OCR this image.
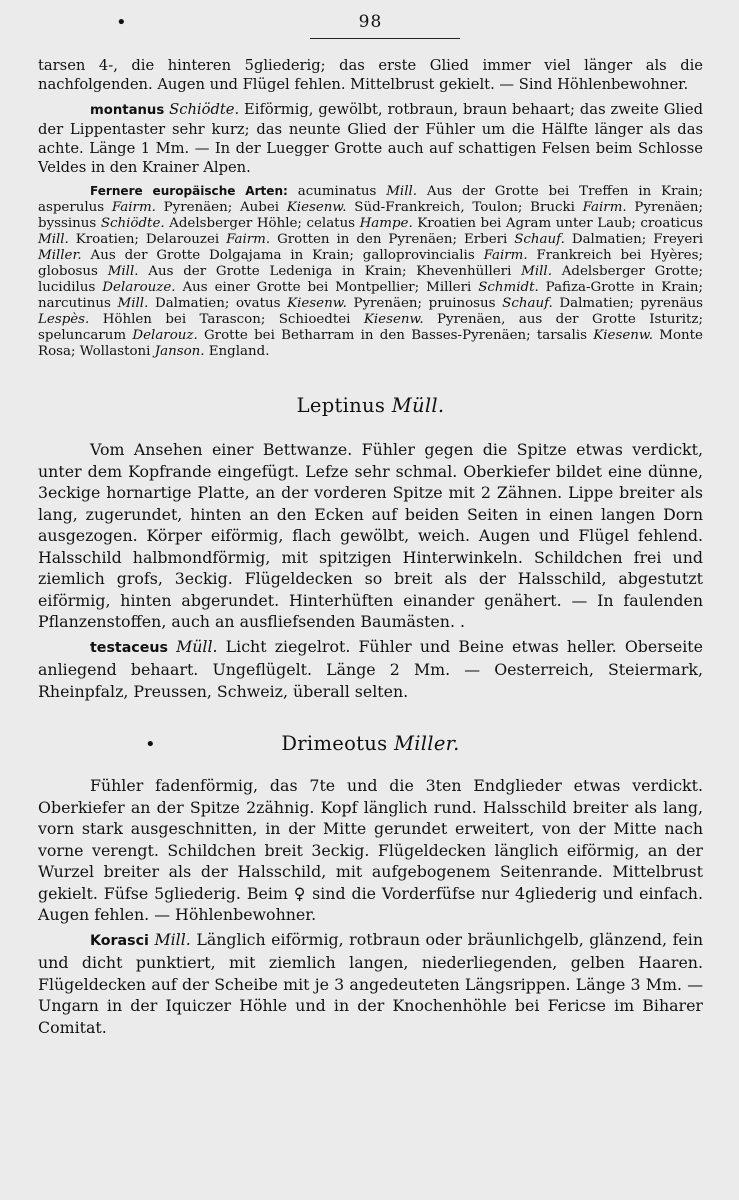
•	98

tarsen 4-, die hinteren 5gliederig; das erste Glied immer viel länger als die nachfolgenden. Augen und Flügel fehlen. Mittelbrust gekielt. — Sind Höhlenbewohner.

montanus Schiödte. Eiförmig, gewölbt, rotbraun, braun behaart; das zweite Glied der Lippentaster sehr kurz; das neunte Glied der Fühler um die Hälfte länger als das achte. Länge 1 Mm. — In der Luegger Grotte auch auf schattigen Felsen beim Schlosse Veldes in den Krainer Alpen.

Fernere europäische Arten: acuminatus Mill. Aus der Grotte bei Treffen in Krain; asperulus Fairm. Pyrenäen; Aubei Kiesenw. Süd-Frankreich, Toulon; Brucki Fairm. Pyrenäen; byssinus Schiödte. Adelsberger Höhle; celatus Hampe. Kroatien bei Agram unter Laub; croaticus Mill. Kroatien; Delarouzei Fairm. Grotten in den Pyrenäen; Erberi Schauf. Dalmatien; Freyeri Miller. Aus der Grotte Dolgajama in Krain; galloprovincialis Fairm. Frankreich bei Hyères; globosus Mill. Aus der Grotte Ledeniga in Krain; Khevenhülleri Mill. Adelsberger Grotte; lucidilus Delarouze. Aus einer Grotte bei Montpellier; Milleri Schmidt. Pafiza-Grotte in Krain; narcutinus Mill. Dalmatien; ovatus Kiesenw. Pyrenäen; pruinosus Schauf. Dalmatien; pyrenäus Lespès. Höhlen bei Tarascon; Schioedtei Kiesenw. Pyrenäen, aus der Grotte Isturitz; speluncarum Delarouz. Grotte bei Betharram in den Basses-Pyrenäen; tarsalis Kiesenw. Monte Rosa; Wollastoni Janson. England.

Leptinus Müll.

Vom Ansehen einer Bettwanze. Fühler gegen die Spitze etwas verdickt, unter dem Kopfrande eingefügt. Lefze sehr schmal. Oberkiefer bildet eine dünne, 3eckige hornartige Platte, an der vorderen Spitze mit 2 Zähnen. Lippe breiter als lang, zugerundet, hinten an den Ecken auf beiden Seiten in einen langen Dorn ausgezogen. Körper eiförmig, flach gewölbt, weich. Augen und Flügel fehlend. Halsschild halbmondförmig, mit spitzigen Hinterwinkeln. Schildchen frei und ziemlich grofs, 3eckig. Flügeldecken so breit als der Halsschild, abgestutzt eiförmig, hinten abgerundet. Hinterhüften einander genähert. — In faulenden Pflanzenstoffen, auch an ausfliefsenden Baumästen. .

testaceus Müll. Licht ziegelrot. Fühler und Beine etwas heller. Oberseite anliegend behaart. Ungeflügelt. Länge 2 Mm. — Oesterreich, Steiermark, Rheinpfalz, Preussen, Schweiz, überall selten.

•	Drimeotus Miller.

Fühler fadenförmig, das 7te und die 3ten Endglieder etwas verdickt. Oberkiefer an der Spitze 2zähnig. Kopf länglich rund. Halsschild breiter als lang, vorn stark ausgeschnitten, in der Mitte gerundet erweitert, von der Mitte nach vorne verengt. Schildchen breit 3eckig. Flügeldecken länglich eiförmig, an der Wurzel breiter als der Halsschild, mit aufgebogenem Seitenrande. Mittelbrust gekielt. Füfse 5gliederig. Beim ♀ sind die Vorderfüfse nur 4gliederig und einfach. Augen fehlen. — Höhlenbewohner.

Korasci Mill. Länglich eiförmig, rotbraun oder bräunlichgelb, glänzend, fein und dicht punktiert, mit ziemlich langen, niederliegenden, gelben Haaren. Flügeldecken auf der Scheibe mit je 3 angedeuteten Längsrippen. Länge 3 Mm. — Ungarn in der Iquiczer Höhle und in der Knochenhöhle bei Fericse im Biharer Comitat.
